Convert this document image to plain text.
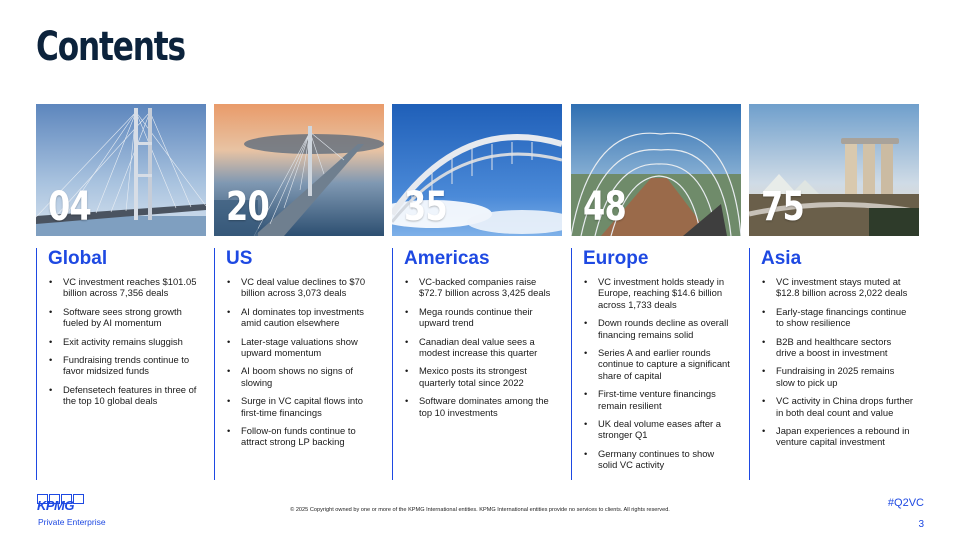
Contents
04
Global
• VC investment reaches $101.05 billion across 7,356 deals
• Software sees strong growth fueled by AI momentum
• Exit activity remains sluggish
• Fundraising trends continue to favor midsized funds
• Defensetech features in three of the top 10 global deals
20
US
• VC deal value declines to $70 billion across 3,073 deals
• AI dominates top investments amid caution elsewhere
• Later-stage valuations show upward momentum
• AI boom shows no signs of slowing
• Surge in VC capital flows into first-time financings
• Follow-on funds continue to attract strong LP backing
35
Americas
• VC-backed companies raise $72.7 billion across 3,425 deals
• Mega rounds continue their upward trend
• Canadian deal value sees a modest increase this quarter
• Mexico posts its strongest quarterly total since 2022
• Software dominates among the top 10 investments
48
Europe
• VC investment holds steady in Europe, reaching $14.6 billion across 1,733 deals
• Down rounds decline as overall financing remains solid
• Series A and earlier rounds continue to capture a significant share of capital
• First-time venture financings remain resilient
• UK deal volume eases after a stronger Q1
• Germany continues to show solid VC activity
75
Asia
• VC investment stays muted at $12.8 billion across 2,022 deals
• Early-stage financings continue to show resilience
• B2B and healthcare sectors drive a boost in investment
• Fundraising in 2025 remains slow to pick up
• VC activity in China drops further in both deal count and value
• Japan experiences a rebound in venture capital investment
KPMG
Private Enterprise
© 2025 Copyright owned by one or more of the KPMG International entities. KPMG International entities provide no services to clients. All rights reserved.
#Q2VC
3
